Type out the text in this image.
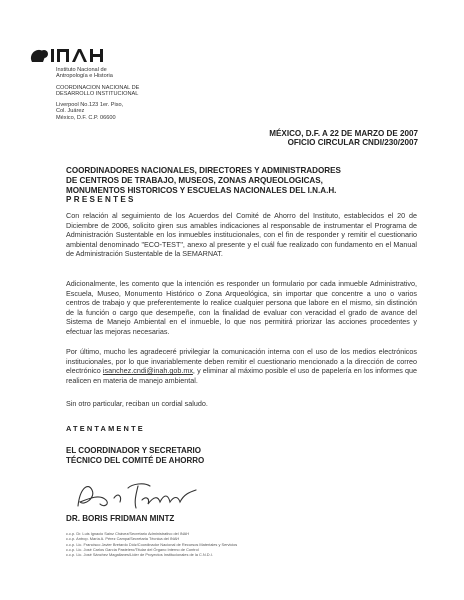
Instituto Nacional de
Antropología e Historia
COORDINACION NACIONAL DE
DESARROLLO INSTITUCIONAL
Liverpool No.123 1er. Piso,
Col. Juárez
México, D.F. C.P. 06600
MÉXICO, D.F. A 22 DE MARZO DE 2007
OFICIO CIRCULAR CNDI/230/2007
COORDINADORES NACIONALES, DIRECTORES Y ADMINISTRADORES
DE CENTROS DE TRABAJO, MUSEOS, ZONAS ARQUEOLOGICAS,
MONUMENTOS HISTORICOS Y ESCUELAS NACIONALES DEL I.N.A.H.
PRESENTES
Con relación al seguimiento de los Acuerdos del Comité de Ahorro del Instituto, establecidos el 20 de Diciembre de 2006, solicito giren sus amables indicaciones al responsable de instrumentar el Programa de Administración Sustentable en los inmuebles institucionales, con el fin de responder y remitir el cuestionario ambiental denominado "ECO-TEST", anexo al presente y el cuál fue realizado con fundamento en el Manual de Administración Sustentable de la SEMARNAT.
Adicionalmente, les comento que la intención es responder un formulario por cada inmueble Administrativo, Escuela, Museo, Monumento Histórico o Zona Arqueológica, sin importar que concentre a uno o varios centros de trabajo y que preferentemente lo realice cualquier persona que labore en el mismo, sin distinción de la función o cargo que desempeñe, con la finalidad de evaluar con veracidad el grado de avance del Sistema de Manejo Ambiental en el inmueble, lo que nos permitirá priorizar las acciones procedentes y efectuar las mejoras necesarias.
Por último, mucho les agradeceré privilegiar la comunicación interna con el uso de los medios electrónicos institucionales, por lo que invariablemente deben remitir el cuestionario mencionado a la dirección de correo electrónico isanchez.cndi@inah.gob.mx, y eliminar al máximo posible el uso de papelería en los informes que realicen en materia de manejo ambiental.
Sin otro particular, reciban un cordial saludo.
ATENTAMENTE
EL COORDINADOR Y SECRETARIO
TÉCNICO DEL COMITÉ DE AHORRO
DR. BORIS FRIDMAN MINTZ
c.c.p. Dr. Luis Ignacio Sainz Chávez/Secretario Administrativo del INAH
c.c.p. Antrop. María A. Pérez Campa/Secretaria Técnica del INAH
c.c.p. Lic. Francisco Javier Bretardo Dóiz/Coordinador Nacional de Recursos Materiales y Servicios
c.c.p. Lic. José Carlos García Pastelero/Titular del Órgano Interno de Control
c.c.p. Lic. José Sánchez Magallanes/Líder de Proyectos Institucionales de la C.N.D.I.
